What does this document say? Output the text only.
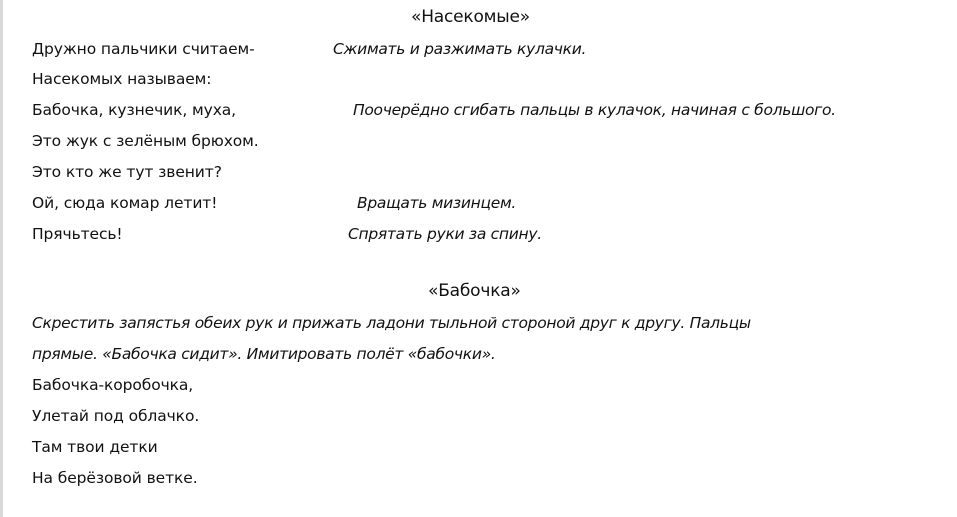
«Насекомые»
Дружно пальчики считаем-	Сжимать и разжимать кулачки.
Насекомых называем:
Бабочка, кузнечик, муха,	Поочерёдно сгибать пальцы в кулачок, начиная с большого.
Это жук с зелёным брюхом.
Это кто же тут звенит?
Ой, сюда комар летит!	Вращать мизинцем.
Прячьтесь!	Спрятать руки за спину.
«Бабочка»
Скрестить запястья обеих рук и прижать ладони тыльной стороной друг к другу. Пальцы
прямые. «Бабочка сидит». Имитировать полёт «бабочки».
Бабочка-коробочка,
Улетай под облачко.
Там твои детки
На берёзовой ветке.
